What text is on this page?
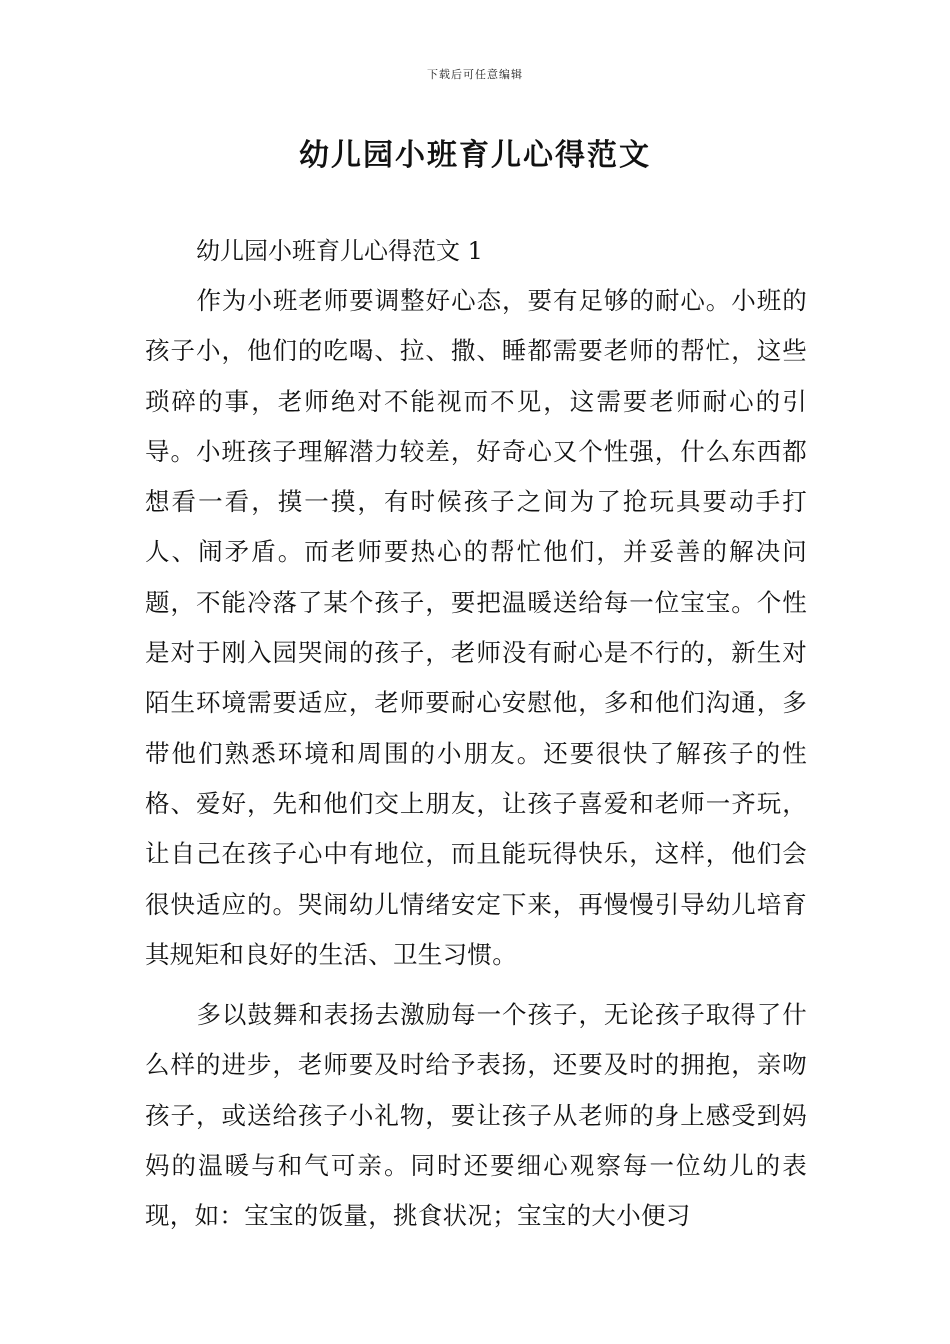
下载后可任意编辑
幼儿园小班育儿心得范文

幼儿园小班育儿心得范文 1

作为小班老师要调整好心态，要有足够的耐心。小班的孩子小，他们的吃喝、拉、撒、睡都需要老师的帮忙，这些琐碎的事，老师绝对不能视而不见，这需要老师耐心的引导。小班孩子理解潜力较差，好奇心又个性强，什么东西都想看一看，摸一摸，有时候孩子之间为了抢玩具要动手打人、闹矛盾。而老师要热心的帮忙他们，并妥善的解决问题，不能冷落了某个孩子，要把温暖送给每一位宝宝。个性是对于刚入园哭闹的孩子，老师没有耐心是不行的，新生对陌生环境需要适应，老师要耐心安慰他，多和他们沟通，多带他们熟悉环境和周围的小朋友。还要很快了解孩子的性格、爱好，先和他们交上朋友，让孩子喜爱和老师一齐玩，让自己在孩子心中有地位，而且能玩得快乐，这样，他们会很快适应的。哭闹幼儿情绪安定下来，再慢慢引导幼儿培育其规矩和良好的生活、卫生习惯。

多以鼓舞和表扬去激励每一个孩子，无论孩子取得了什么样的进步，老师要及时给予表扬，还要及时的拥抱，亲吻孩子，或送给孩子小礼物，要让孩子从老师的身上感受到妈妈的温暖与和气可亲。同时还要细心观察每一位幼儿的表现，如：宝宝的饭量，挑食状况；宝宝的大小便习
